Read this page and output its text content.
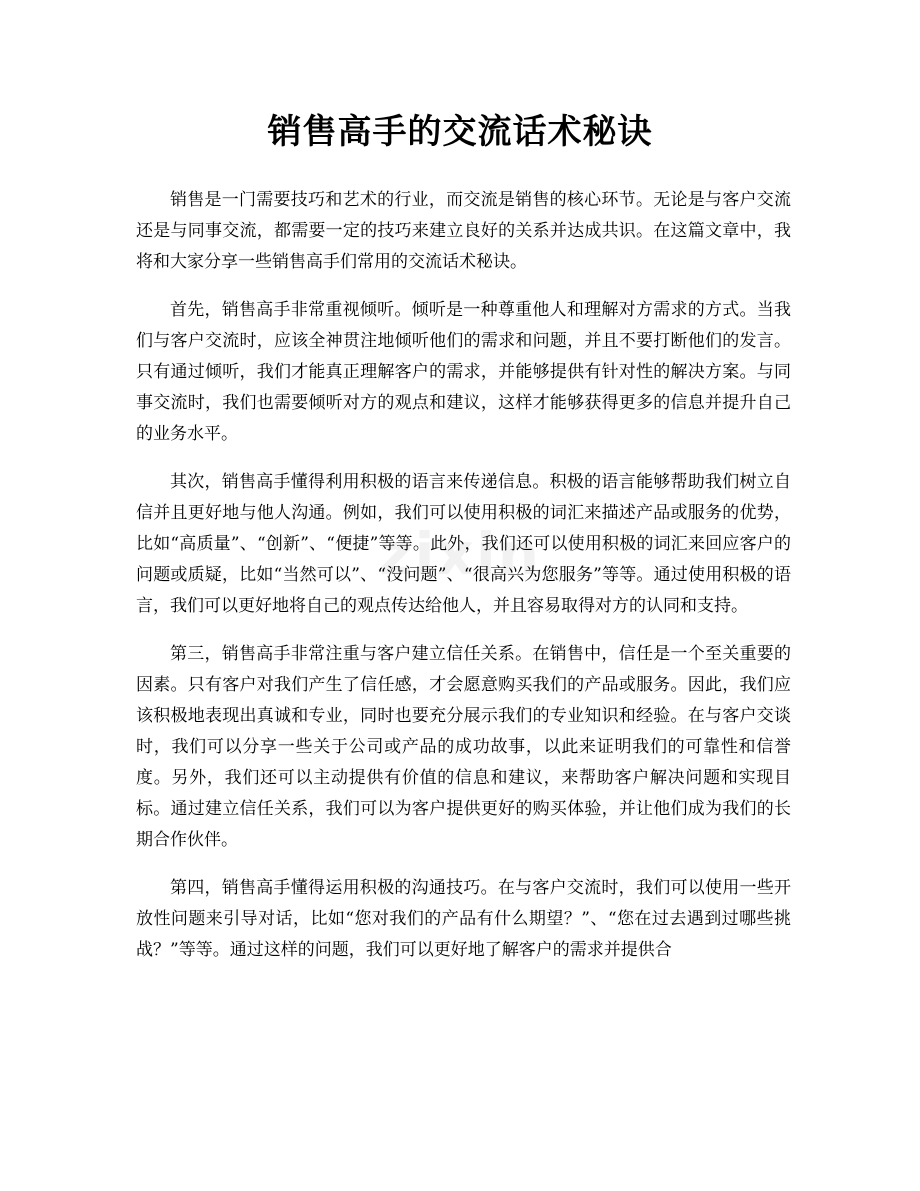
销售高手的交流话术秘诀

销售是一门需要技巧和艺术的行业，而交流是销售的核心环节。无论是与客户交流还是与同事交流，都需要一定的技巧来建立良好的关系并达成共识。在这篇文章中，我将和大家分享一些销售高手们常用的交流话术秘诀。

首先，销售高手非常重视倾听。倾听是一种尊重他人和理解对方需求的方式。当我们与客户交流时，应该全神贯注地倾听他们的需求和问题，并且不要打断他们的发言。只有通过倾听，我们才能真正理解客户的需求，并能够提供有针对性的解决方案。与同事交流时，我们也需要倾听对方的观点和建议，这样才能够获得更多的信息并提升自己的业务水平。

其次，销售高手懂得利用积极的语言来传递信息。积极的语言能够帮助我们树立自信并且更好地与他人沟通。例如，我们可以使用积极的词汇来描述产品或服务的优势，比如“高质量”、“创新”、“便捷”等等。此外，我们还可以使用积极的词汇来回应客户的问题或质疑，比如“当然可以”、“没问题”、“很高兴为您服务”等等。通过使用积极的语言，我们可以更好地将自己的观点传达给他人，并且容易取得对方的认同和支持。

第三，销售高手非常注重与客户建立信任关系。在销售中，信任是一个至关重要的因素。只有客户对我们产生了信任感，才会愿意购买我们的产品或服务。因此，我们应该积极地表现出真诚和专业，同时也要充分展示我们的专业知识和经验。在与客户交谈时，我们可以分享一些关于公司或产品的成功故事，以此来证明我们的可靠性和信誉度。另外，我们还可以主动提供有价值的信息和建议，来帮助客户解决问题和实现目标。通过建立信任关系，我们可以为客户提供更好的购买体验，并让他们成为我们的长期合作伙伴。

第四，销售高手懂得运用积极的沟通技巧。在与客户交流时，我们可以使用一些开放性问题来引导对话，比如“您对我们的产品有什么期望？”、“您在过去遇到过哪些挑战？”等等。通过这样的问题，我们可以更好地了解客户的需求并提供合

zixin
